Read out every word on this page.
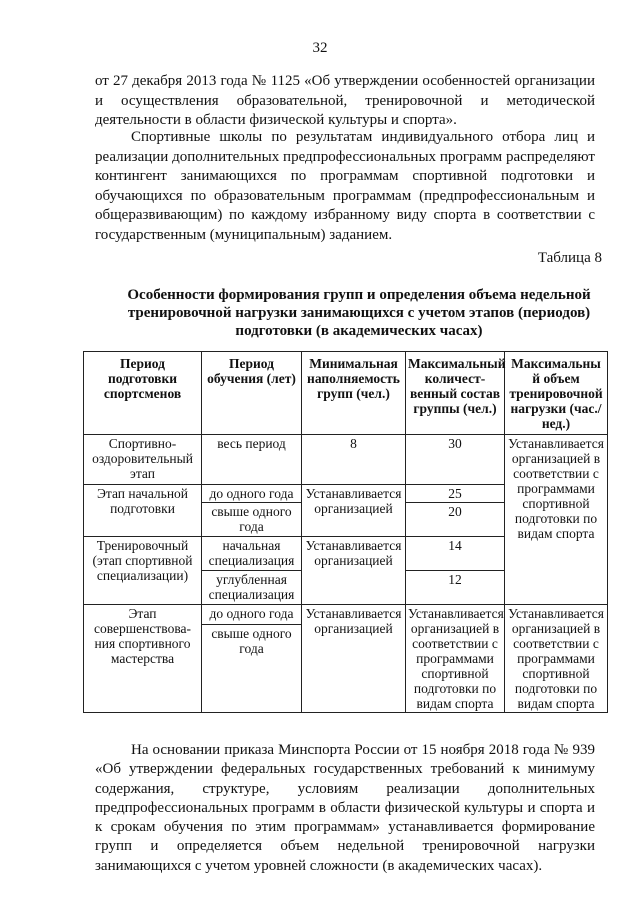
32

от 27 декабря 2013 года № 1125 «Об утверждении особенностей организации и осуществления образовательной, тренировочной и методической деятельности в области физической культуры и спорта».

Спортивные школы по результатам индивидуального отбора лиц и реализации дополнительных предпрофессиональных программ распределяют контингент занимающихся по программам спортивной подготовки и обучающихся по образовательным программам (предпрофессиональным и общеразвивающим) по каждому избранному виду спорта в соответствии с государственным (муниципальным) заданием.

Таблица 8

Особенности формирования групп и определения объема недельной тренировочной нагрузки занимающихся с учетом этапов (периодов) подготовки (в академических часах)

Период подготовки спортсменов	Период обучения (лет)	Минимальная наполняемость групп (чел.)	Максимальный количест-венный состав группы (чел.)	Максимальны й объем тренировочной нагрузки (час./нед.)
Спортивно-оздоровительный этап	весь период	8	30	Устанавливается организацией в соответствии с программами спортивной подготовки по видам спорта
Этап начальной подготовки	до одного года	Устанавливается организацией	25	
	свыше одного года		20	
Тренировочный (этап спортивной специализации)	начальная специализация	Устанавливается организацией	14	
	углубленная специализация		12	
Этап совершенствова-ния спортивного мастерства	до одного года	Устанавливается организацией	Устанавливается организацией в соответствии с программами спортивной подготовки по видам спорта	Устанавливается организацией в соответствии с программами спортивной подготовки по видам спорта
	свыше одного года			

На основании приказа Минспорта России от 15 ноября 2018 года № 939 «Об утверждении федеральных государственных требований к минимуму содержания, структуре, условиям реализации дополнительных предпрофессиональных программ в области физической культуры и спорта и к срокам обучения по этим программам» устанавливается формирование групп и определяется объем недельной тренировочной нагрузки занимающихся с учетом уровней сложности (в академических часах).
